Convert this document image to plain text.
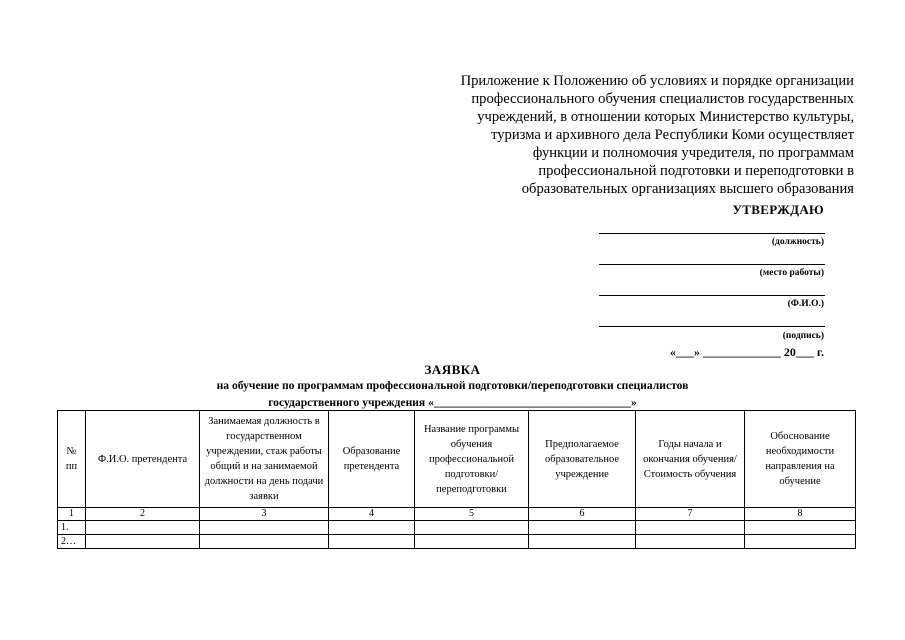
Приложение к Положению об условиях и порядке организации
профессионального обучения специалистов государственных
учреждений, в отношении которых Министерство культуры,
туризма и архивного дела Республики Коми осуществляет
функции и полномочия учредителя, по программам
профессиональной подготовки и переподготовки в
образовательных организациях высшего образования
УТВЕРЖДАЮ
(должность)
(место работы)
(Ф.И.О.)
(подпись)
«___» _____________ 20___ г.
ЗАЯВКА
на обучение по программам профессиональной подготовки/переподготовки специалистов
государственного учреждения «__________________________________»
№ пп	Ф.И.О. претендента	Занимаемая должность в государственном учреждении, стаж работы общий и на занимаемой должности на день подачи заявки	Образование претендента	Название программы обучения профессиональной подготовки/ переподготовки	Предполагаемое образовательное учреждение	Годы начала и окончания обучения/ Стоимость обучения	Обоснование необходимости направления на обучение
1	2	3	4	5	6	7	8
1.							
2…							
